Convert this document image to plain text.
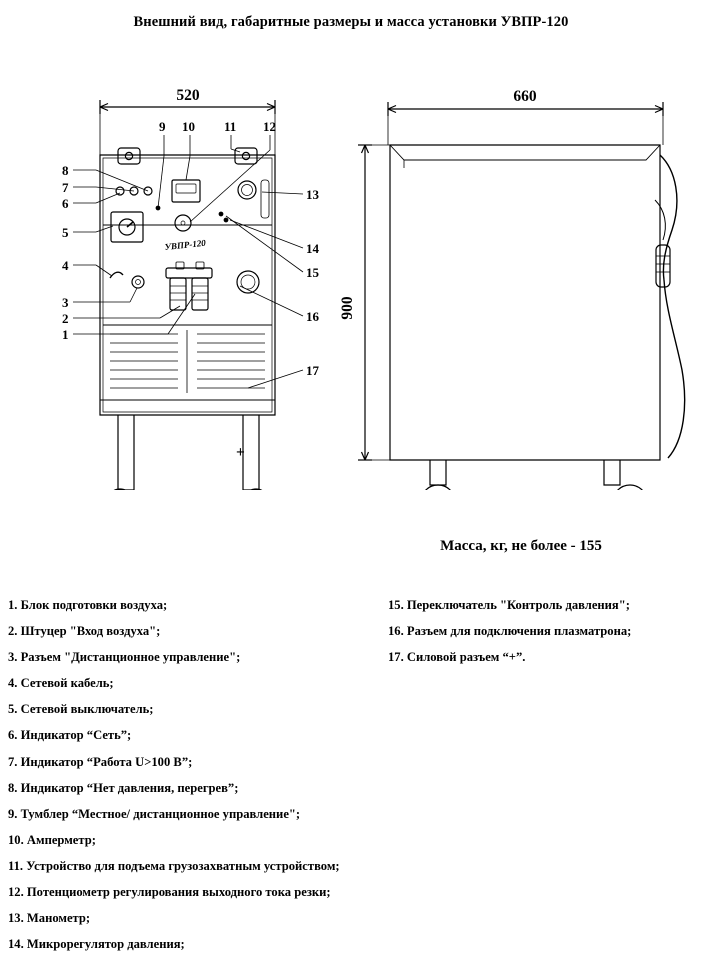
Внешний вид, габаритные размеры и масса установки УВПР-120
УВПР-120
+
520	660
900
8
7
6
5
4
3
2
1
9 10 11 12
13
14
15
16
17
Масса, кг, не более - 155
1. Блок подготовки воздуха;
2. Штуцер "Вход воздуха";
3. Разъем "Дистанционное управление";
4. Сетевой кабель;
5. Сетевой выключатель;
6. Индикатор “Сеть”;
7. Индикатор “Работа U>100 В”;
8. Индикатор “Нет давления, перегрев”;
9. Тумблер “Местное/ дистанционное управление";
10. Амперметр;
11. Устройство для подъема грузозахватным устройством;
12. Потенциометр регулирования выходного тока резки;
13. Манометр;
14. Микрорегулятор давления;
15. Переключатель "Контроль давления";
16. Разъем для подключения плазматрона;
17. Силовой разъем “+”.
